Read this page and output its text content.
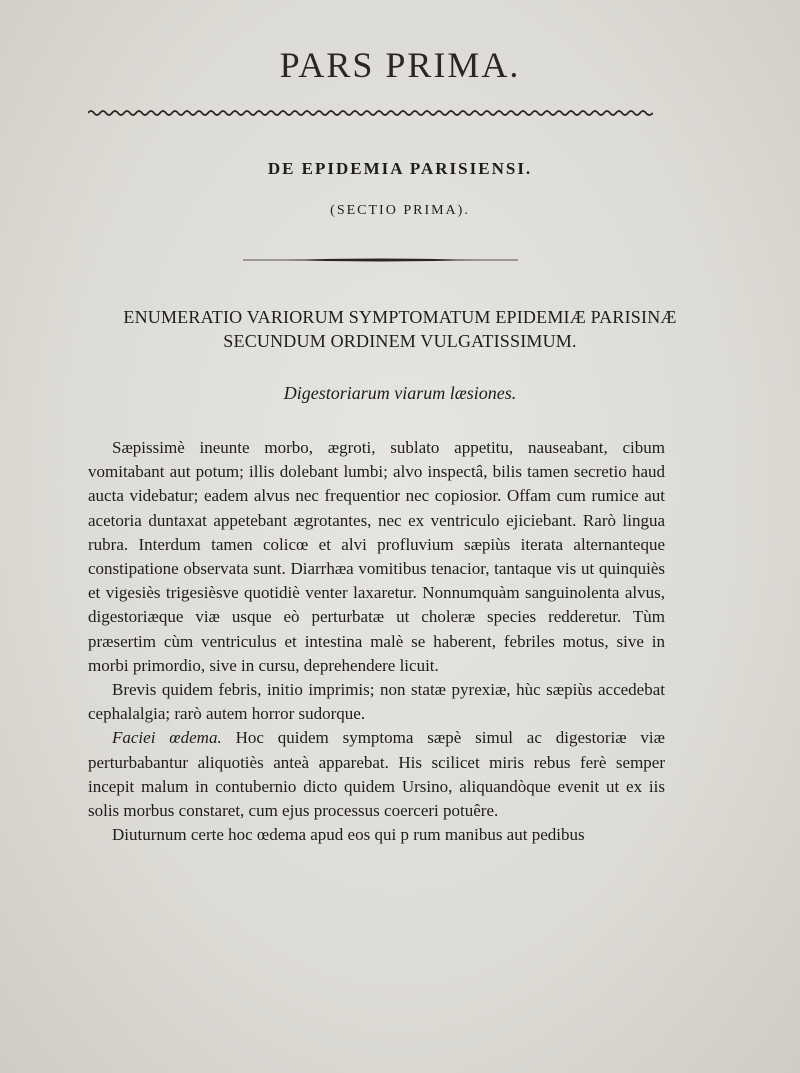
PARS PRIMA.
DE EPIDEMIA PARISIENSI.
(SECTIO PRIMA).
ENUMERATIO VARIORUM SYMPTOMATUM EPIDEMIÆ PARISINÆ
SECUNDUM ORDINEM VULGATISSIMUM.
Digestoriarum viarum læsiones.

Sæpissimè ineunte morbo, ægroti, sublato appetitu, nauseabant, cibum vomitabant aut potum; illis dolebant lumbi; alvo inspectâ, bilis tamen secretio haud aucta videbatur; eadem alvus nec frequentior nec copiosior. Offam cum rumice aut acetoria duntaxat appetebant ægrotantes, nec ex ventriculo ejiciebant. Rarò lingua rubra. Interdum tamen colicœ et alvi profluvium sæpiùs iterata alternanteque constipatione observata sunt. Diarrhæa vomitibus tenacior, tantaque vis ut quinquiès et vigesiès trigesièsve quotidiè venter laxaretur. Nonnumquàm sanguinolenta alvus, digestoriæque viæ usque eò perturbatæ ut choleræ species redderetur. Tùm præsertim cùm ventriculus et intestina malè se haberent, febriles motus, sive in morbi primordio, sive in cursu, deprehendere licuit.

Brevis quidem febris, initio imprimis; non statæ pyrexiæ, hùc sæpiùs accedebat cephalalgia; rarò autem horror sudorque.

Faciei œdema. Hoc quidem symptoma sæpè simul ac digestoriæ viæ perturbabantur aliquotiès anteà apparebat. His scilicet miris rebus ferè semper incepit malum in contubernio dicto quidem Ursino, aliquandòque evenit ut ex iis solis morbus constaret, cum ejus processus coerceri potuêre.

Diuturnum certe hoc œdema apud eos qui p rum manibus aut pedibus
